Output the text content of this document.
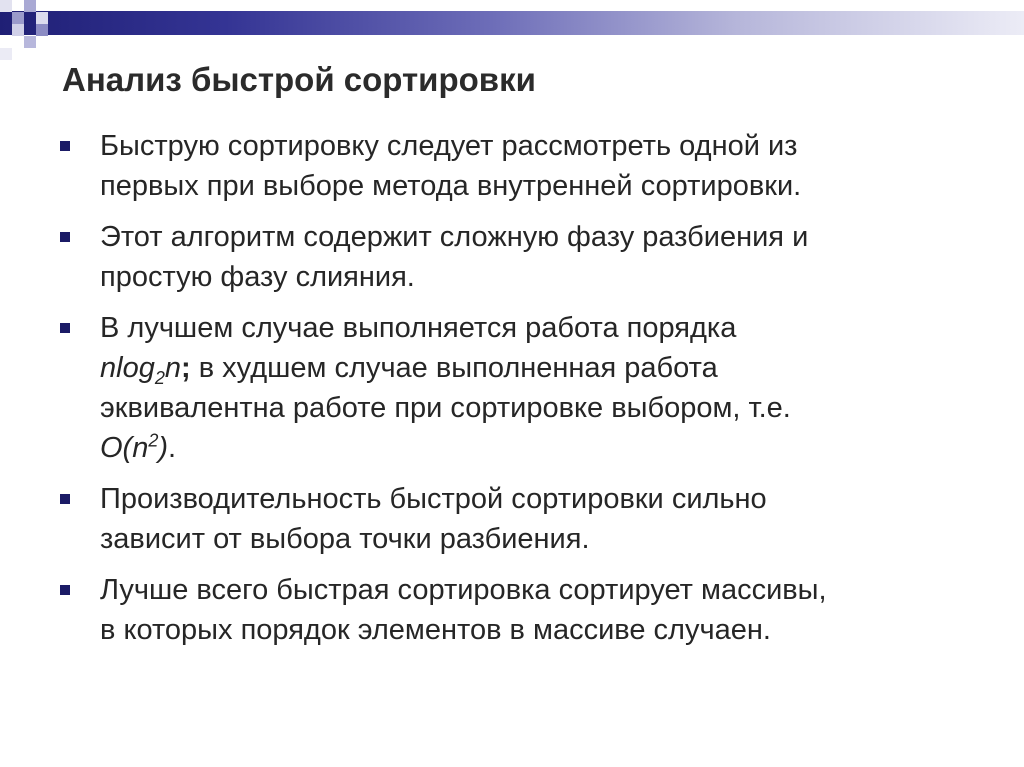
Анализ быстрой сортировки
Быструю сортировку следует рассмотреть одной из
первых при выборе метода внутренней сортировки.
Этот алгоритм содержит сложную фазу разбиения и
простую фазу слияния.
В лучшем случае выполняется работа порядка
nlog$_2$n; в худшем случае выполненная работа
эквивалентна работе при сортировке выбором, т.е.
$O(n^2)$.
Производительность быстрой сортировки сильно
зависит от выбора точки разбиения.
Лучше всего быстрая сортировка сортирует массивы,
в которых порядок элементов в массиве случаен.
